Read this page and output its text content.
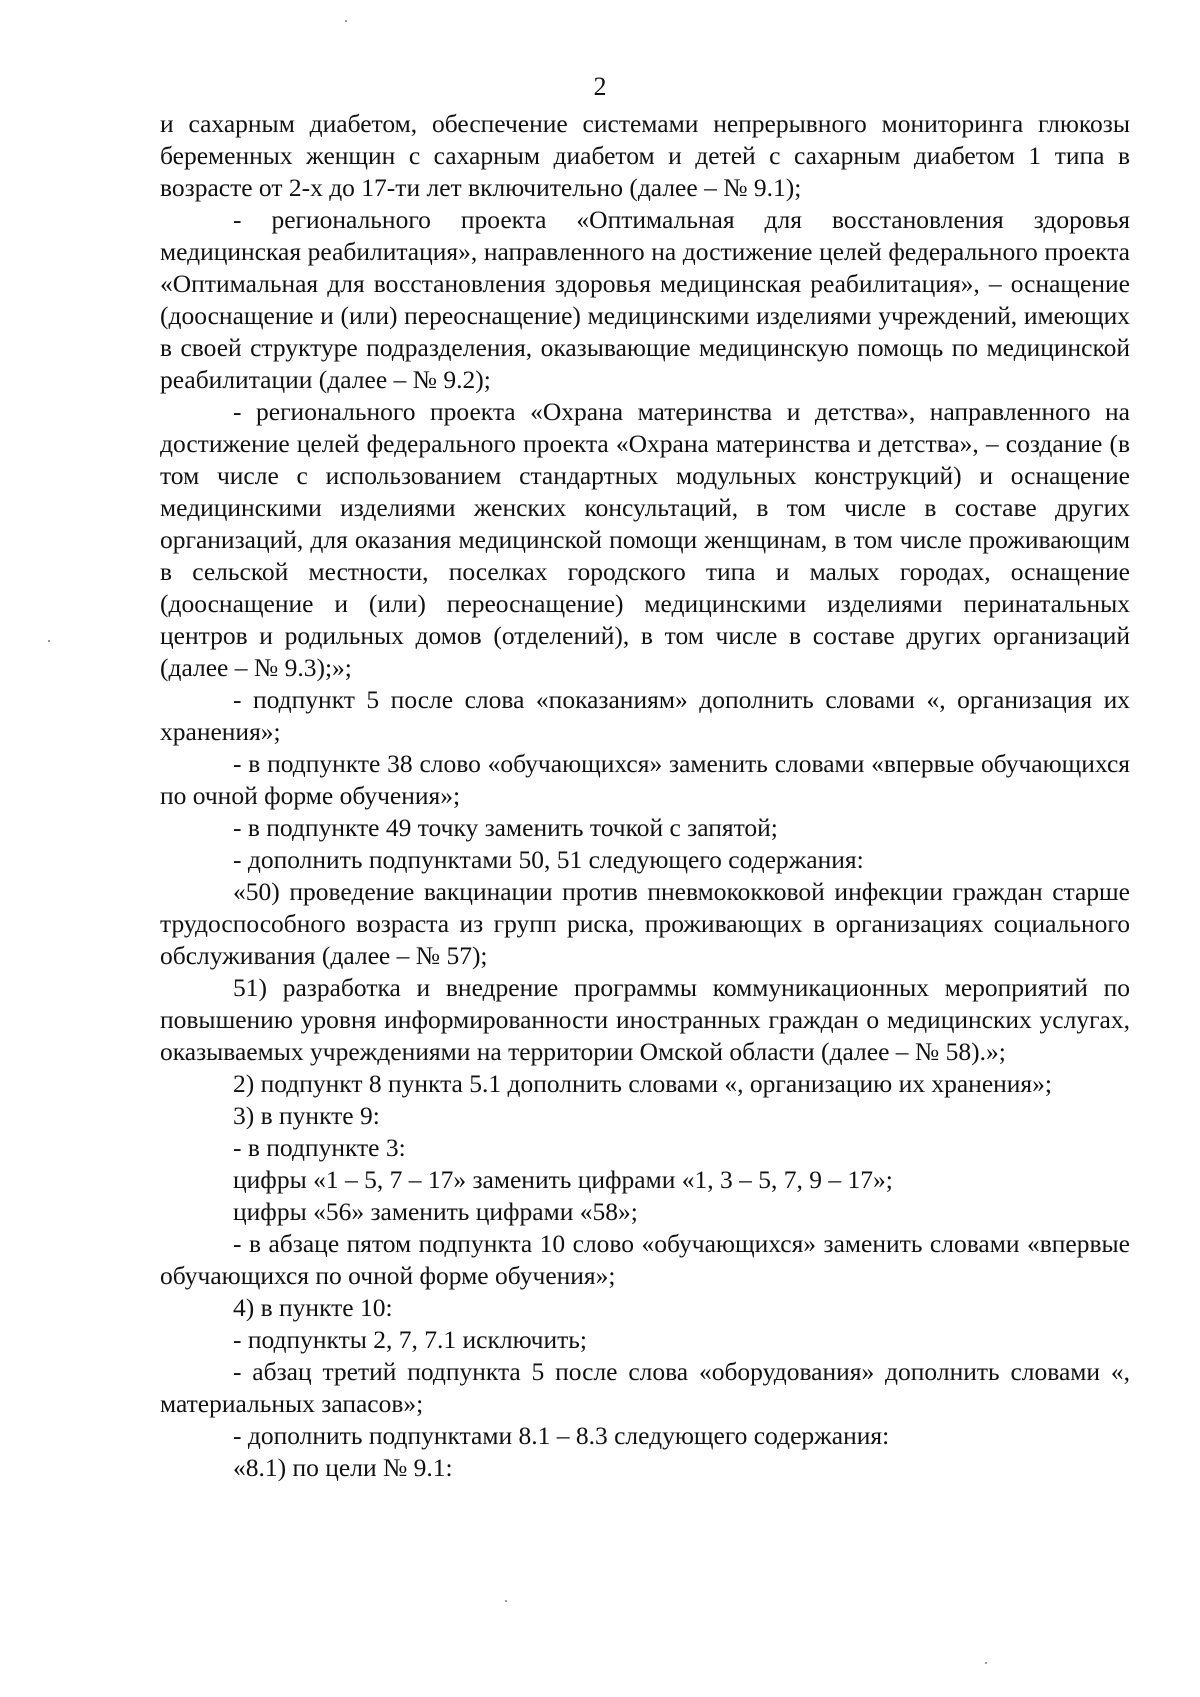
2

и сахарным диабетом, обеспечение системами непрерывного мониторинга глюкозы беременных женщин с сахарным диабетом и детей с сахарным диабетом 1 типа в возрасте от 2-х до 17-ти лет включительно (далее – № 9.1);

- регионального проекта «Оптимальная для восстановления здоровья медицинская реабилитация», направленного на достижение целей федерального проекта «Оптимальная для восстановления здоровья медицинская реабилитация», – оснащение (дооснащение и (или) переоснащение) медицинскими изделиями учреждений, имеющих в своей структуре подразделения, оказывающие медицинскую помощь по медицинской реабилитации (далее – № 9.2);

- регионального проекта «Охрана материнства и детства», направленного на достижение целей федерального проекта «Охрана материнства и детства», – создание (в том числе с использованием стандартных модульных конструкций) и оснащение медицинскими изделиями женских консультаций, в том числе в составе других организаций, для оказания медицинской помощи женщинам, в том числе проживающим в сельской местности, поселках городского типа и малых городах, оснащение (дооснащение и (или) переоснащение) медицинскими изделиями перинатальных центров и родильных домов (отделений), в том числе в составе других организаций (далее – № 9.3);»;

- подпункт 5 после слова «показаниям» дополнить словами «, организация их хранения»;

- в подпункте 38 слово «обучающихся» заменить словами «впервые обучающихся по очной форме обучения»;

- в подпункте 49 точку заменить точкой с запятой;

- дополнить подпунктами 50, 51 следующего содержания:

«50) проведение вакцинации против пневмококковой инфекции граждан старше трудоспособного возраста из групп риска, проживающих в организациях социального обслуживания (далее – № 57);

51) разработка и внедрение программы коммуникационных мероприятий по повышению уровня информированности иностранных граждан о медицинских услугах, оказываемых учреждениями на территории Омской области (далее – № 58).»;

2) подпункт 8 пункта 5.1 дополнить словами «, организацию их хранения»;

3) в пункте 9:

- в подпункте 3:

цифры «1 – 5, 7 – 17» заменить цифрами «1, 3 – 5, 7, 9 – 17»;

цифры «56» заменить цифрами «58»;

- в абзаце пятом подпункта 10 слово «обучающихся» заменить словами «впервые обучающихся по очной форме обучения»;

4) в пункте 10:

- подпункты 2, 7, 7.1 исключить;

- абзац третий подпункта 5 после слова «оборудования» дополнить словами «, материальных запасов»;

- дополнить подпунктами 8.1 – 8.3 следующего содержания:

«8.1) по цели № 9.1:
